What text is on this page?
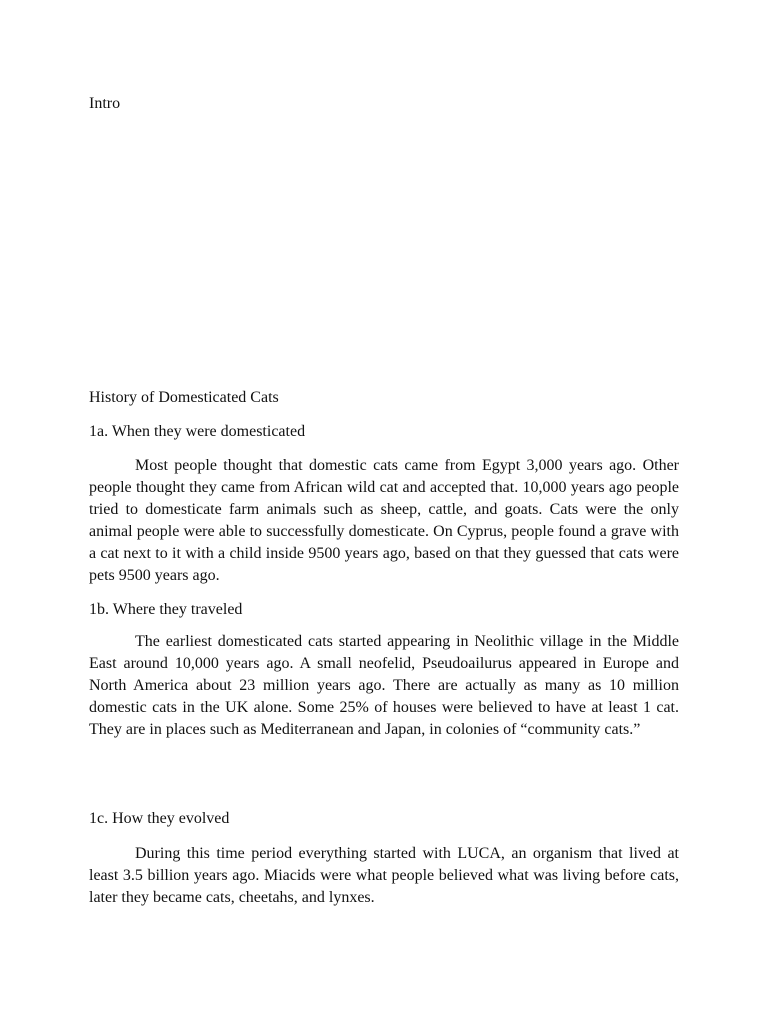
Intro
History of Domesticated Cats
1a. When they were domesticated

Most people thought that domestic cats came from Egypt 3,000 years ago. Other people thought they came from African wild cat and accepted that. 10,000 years ago people tried to domesticate farm animals such as sheep, cattle, and goats. Cats were the only animal people were able to successfully domesticate. On Cyprus, people found a grave with a cat next to it with a child inside 9500 years ago, based on that they guessed that cats were pets 9500 years ago.

1b. Where they traveled

The earliest domesticated cats started appearing in Neolithic village in the Middle East around 10,000 years ago. A small neofelid, Pseudoailurus appeared in Europe and North America about 23 million years ago. There are actually as many as 10 million domestic cats in the UK alone. Some 25% of houses were believed to have at least 1 cat. They are in places such as Mediterranean and Japan, in colonies of “community cats.”

1c. How they evolved

During this time period everything started with LUCA, an organism that lived at least 3.5 billion years ago. Miacids were what people believed what was living before cats, later they became cats, cheetahs, and lynxes.
